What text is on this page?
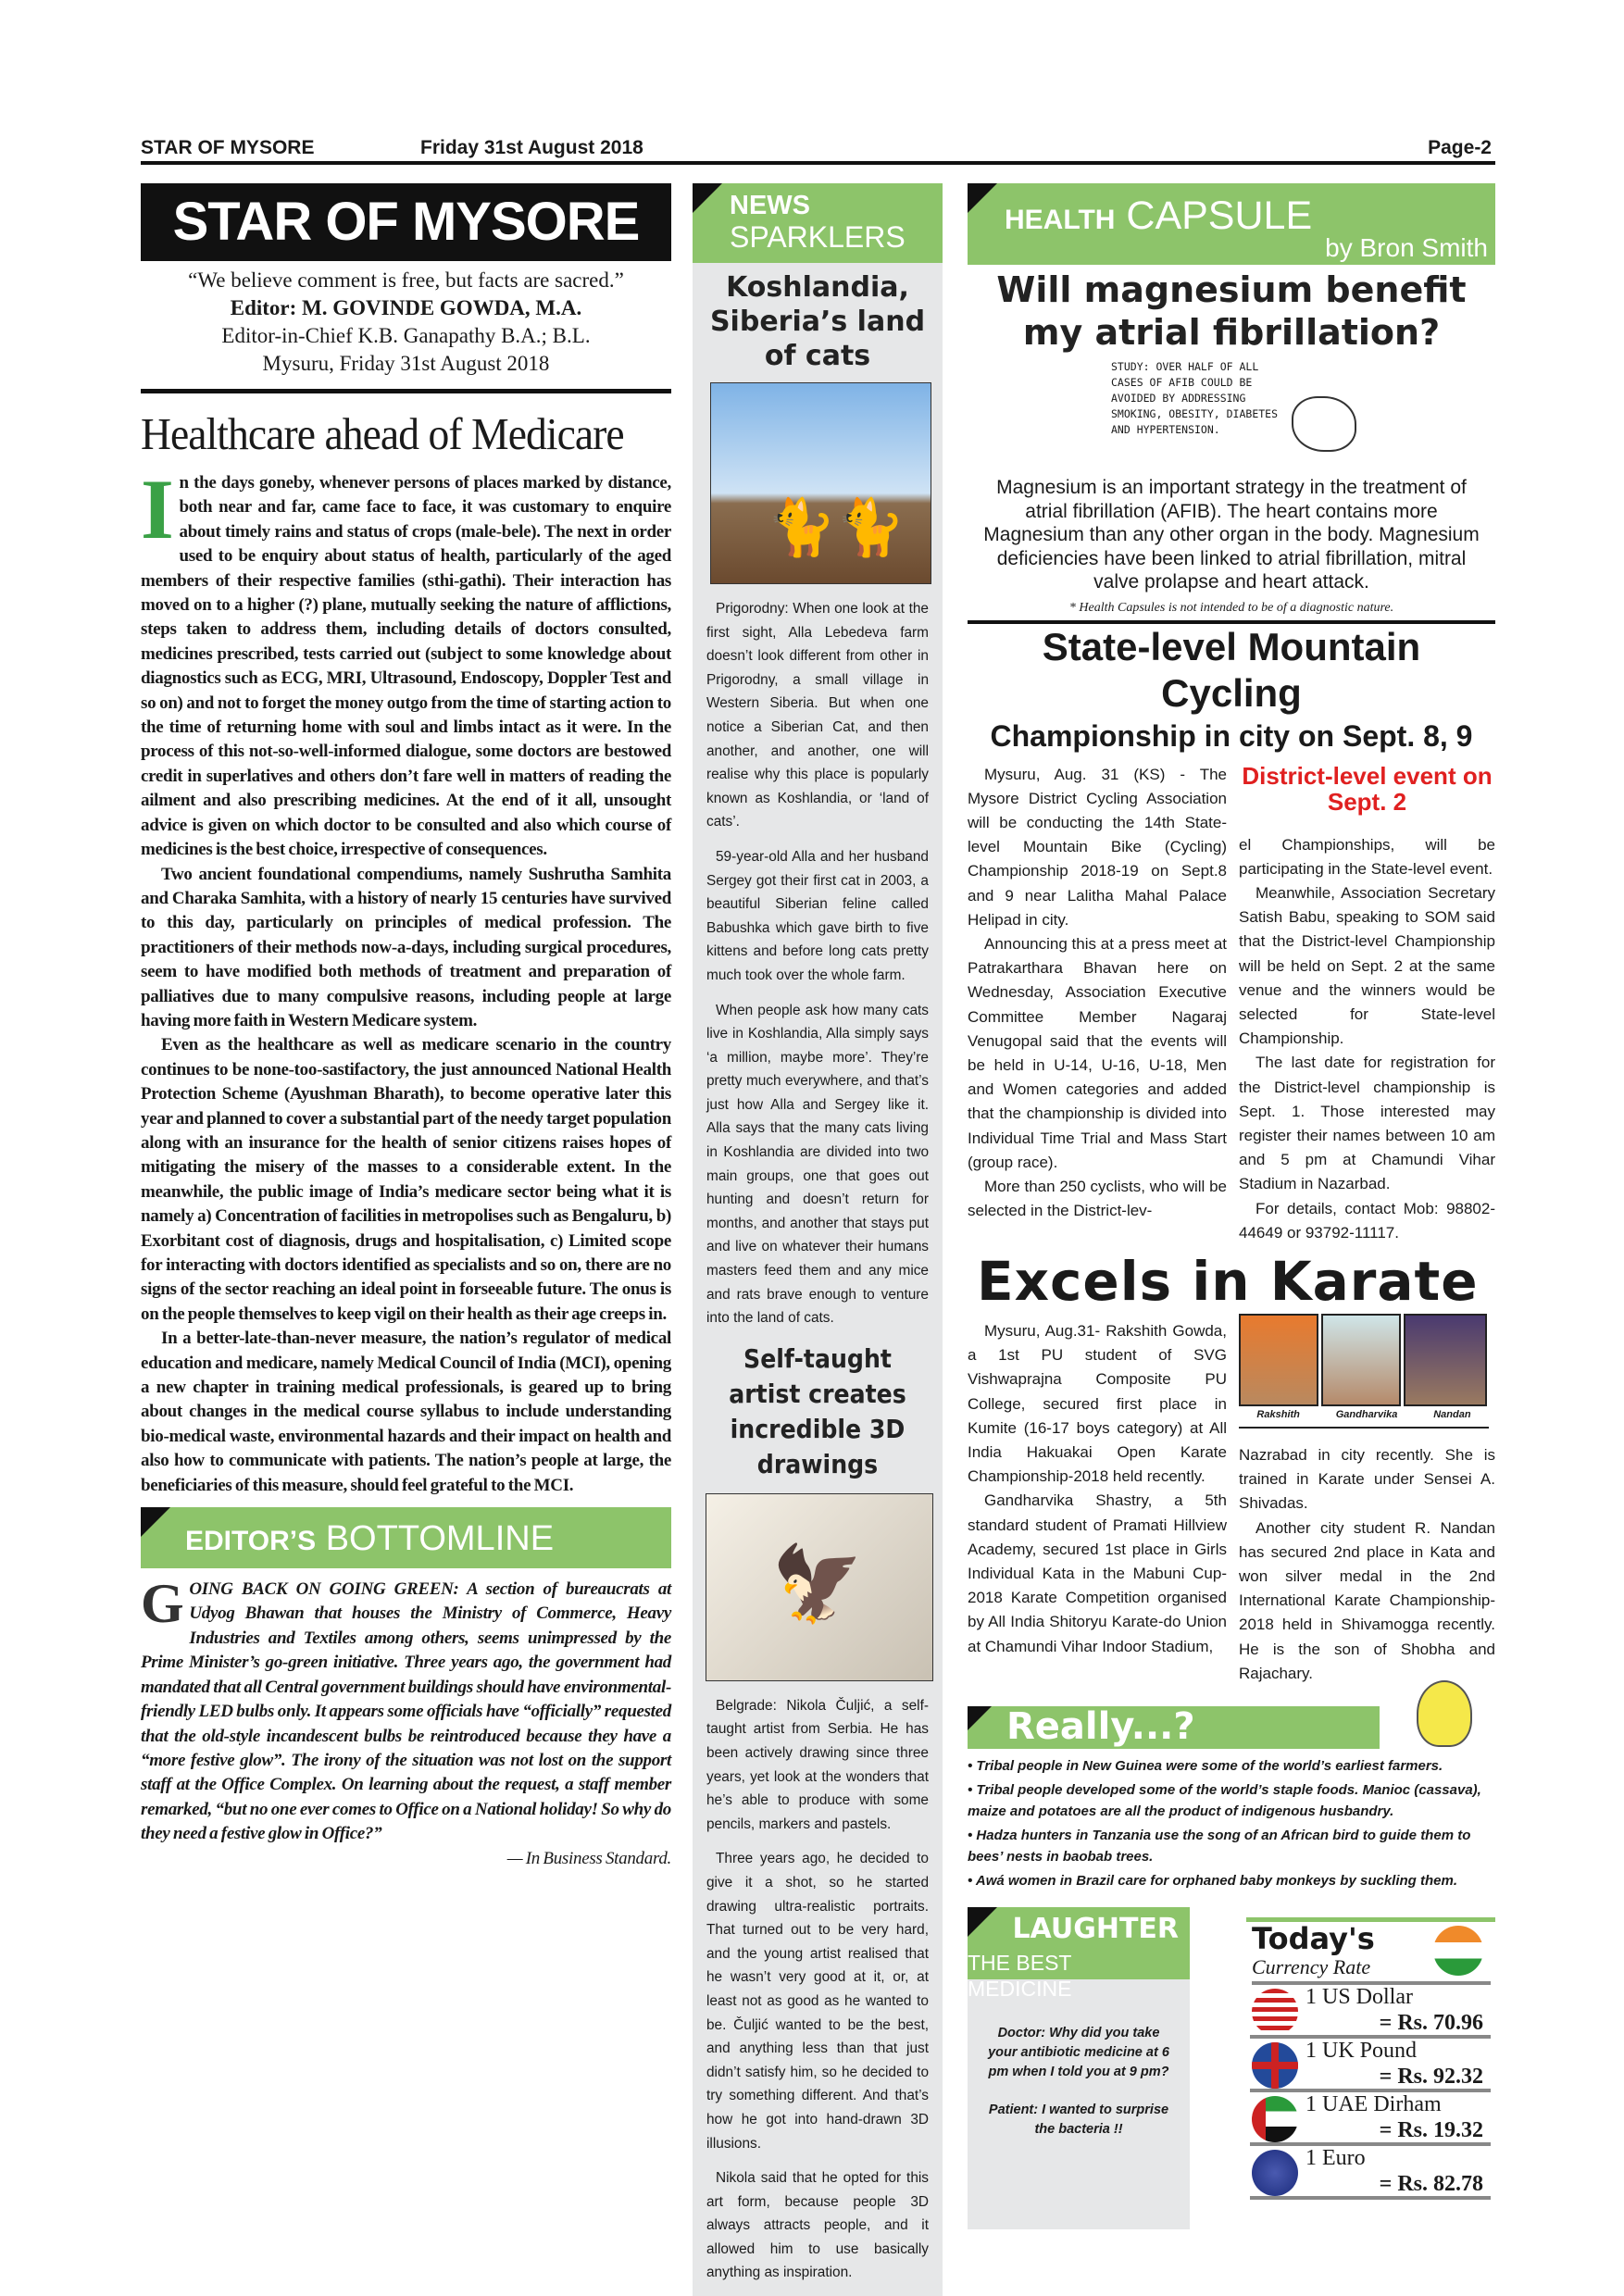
STAR OF MYSORE	Friday 31st August 2018	Page-2
STAR OF MYSORE
“We believe comment is free, but facts are sacred.”
Editor: M. GOVINDE GOWDA, M.A.
Editor-in-Chief K.B. Ganapathy B.A.; B.L.
Mysuru, Friday 31st August 2018
Healthcare ahead of Medicare

In the days goneby, whenever persons of places marked by distance, both near and far, came face to face, it was customary to enquire about timely rains and status of crops (male-bele). The next in order used to be enquiry about status of health, particularly of the aged members of their respective families (sthi-gathi). Their interaction has moved on to a higher (?) plane, mutually seeking the nature of afflictions, steps taken to address them, including details of doctors consulted, medicines prescribed, tests carried out (subject to some knowledge about diagnostics such as ECG, MRI, Ultrasound, Endoscopy, Doppler Test and so on) and not to forget the money outgo from the time of starting action to the time of returning home with soul and limbs intact as it were. In the process of this not-so-well-informed dialogue, some doctors are bestowed credit in superlatives and others don’t fare well in matters of reading the ailment and also prescribing medicines. At the end of it all, unsought advice is given on which doctor to be consulted and also which course of medicines is the best choice, irrespective of consequences.

Two ancient foundational compendiums, namely Sushrutha Samhita and Charaka Samhita, with a history of nearly 15 centuries have survived to this day, particularly on principles of medical profession. The practitioners of their methods now-a-days, including surgical procedures, seem to have modified both methods of treatment and preparation of palliatives due to many compulsive reasons, including people at large having more faith in Western Medicare system.

Even as the healthcare as well as medicare scenario in the country continues to be none-too-sastifactory, the just announced National Health Protection Scheme (Ayushman Bharath), to become operative later this year and planned to cover a substantial part of the needy target population along with an insurance for the health of senior citizens raises hopes of mitigating the misery of the masses to a considerable extent. In the meanwhile, the public image of India’s medicare sector being what it is namely a) Concentration of facilities in metropolises such as Bengaluru, b) Exorbitant cost of diagnosis, drugs and hospitalisation, c) Limited scope for interacting with doctors identified as specialists and so on, there are no signs of the sector reaching an ideal point in forseeable future. The onus is on the people themselves to keep vigil on their health as their age creeps in.

In a better-late-than-never measure, the nation’s regulator of medical education and medicare, namely Medical Council of India (MCI), opening a new chapter in training medical professionals, is geared up to bring about changes in the medical course syllabus to include understanding bio-medical waste, environmental hazards and their impact on health and also how to communicate with patients. The nation’s people at large, the beneficiaries of this measure, should feel grateful to the MCI.

EDITOR’S BOTTOMLINE

GOING BACK ON GOING GREEN: A section of bureaucrats at Udyog Bhawan that houses the Ministry of Commerce, Heavy Industries and Textiles among others, seems unimpressed by the Prime Minister’s go-green initiative. Three years ago, the government had mandated that all Central government buildings should have environmental-friendly LED bulbs only. It appears some officials have “officially” requested that the old-style incandescent bulbs be reintroduced because they have a “more festive glow”. The irony of the situation was not lost on the support staff at the Office Complex. On learning about the request, a staff member remarked, “but no one ever comes to Office on a National holiday! So why do they need a festive glow in Office?”

— In Business Standard.

NEWS
SPARKLERS
Koshlandia, Siberia’s land of cats
🐈🐈

Prigorodny: When one look at the first sight, Alla Lebedeva farm doesn’t look different from other in Prigorodny, a small village in Western Siberia. But when one notice a Siberian Cat, and then another, and another, one will realise why this place is popularly known as Koshlandia, or ‘land of cats’.

59-year-old Alla and her husband Sergey got their first cat in 2003, a beautiful Siberian feline called Babushka which gave birth to five kittens and before long cats pretty much took over the whole farm.

When people ask how many cats live in Koshlandia, Alla simply says ‘a million, maybe more’. They’re pretty much everywhere, and that’s just how Alla and Sergey like it. Alla says that the many cats living in Koshlandia are divided into two main groups, one that goes out hunting and doesn’t return for months, and another that stays put and live on whatever their humans masters feed them and any mice and rats brave enough to venture into the land of cats.

Self-taught artist creates incredible 3D drawings
🦅

Belgrade: Nikola Čuljić, a self-taught artist from Serbia. He has been actively drawing since three years, yet look at the wonders that he’s able to produce with some pencils, markers and pastels.

Three years ago, he decided to give it a shot, so he started drawing ultra-realistic portraits. That turned out to be very hard, and the young artist realised that he wasn’t very good at it, or, at least not as good as he wanted to be. Čuljić wanted to be the best, and anything less than that just didn’t satisfy him, so he decided to try something different. And that’s how he got into hand-drawn 3D illusions.

Nikola said that he opted for this art form, because people 3D always attracts people, and it allowed him to use basically anything as inspiration.

HEALTH CAPSULE
by Bron Smith
Will magnesium benefit my atrial fibrillation?
STUDY: OVER HALF OF ALL CASES OF AFIB COULD BE AVOIDED BY ADDRESSING SMOKING, OBESITY, DIABETES AND HYPERTENSION.
Magnesium is an important strategy in the treatment of atrial fibrillation (AFIB). The heart contains more Magnesium than any other organ in the body. Magnesium deficiencies have been linked to atrial fibrillation, mitral valve prolapse and heart attack.
* Health Capsules is not intended to be of a diagnostic nature.
State-level Mountain Cycling
Championship in city on Sept. 8, 9

Mysuru, Aug. 31 (KS) - The Mysore District Cycling Association will be conducting the 14th State-level Mountain Bike (Cycling) Championship 2018-19 on Sept.8 and 9 near Lalitha Mahal Palace Helipad in city.

Announcing this at a press meet at Patrakarthara Bhavan here on Wednesday, Association Executive Committee Member Nagaraj Venugopal said that the events will be held in U-14, U-16, U-18, Men and Women categories and added that the championship is divided into Individual Time Trial and Mass Start (group race).

More than 250 cyclists, who will be selected in the District-lev-

District-level event on Sept. 2

el Championships, will be participating in the State-level event.

Meanwhile, Association Secretary Satish Babu, speaking to SOM said that the District-level Championship will be held on Sept. 2 at the same venue and the winners would be selected for State-level Championship.

The last date for registration for the District-level championship is Sept. 1. Those interested may register their names between 10 am and 5 pm at Chamundi Vihar Stadium in Nazarbad.

For details, contact Mob: 98802-44649 or 93792-11117.

Excels in Karate

Mysuru, Aug.31- Rakshith Gowda, a 1st PU student of SVG Vishwaprajna Composite PU College, secured first place in Kumite (16-17 boys category) at All India Hakuakai Open Karate Championship-2018 held recently.

Gandharvika Shastry, a 5th standard student of Pramati Hillview Academy, secured 1st place in Girls Individual Kata in the Mabuni Cup-2018 Karate Competition organised by All India Shitoryu Karate-do Union at Chamundi Vihar Indoor Stadium,

Rakshith	Gandharvika	Nandan

Nazrabad in city recently. She is trained in Karate under Sensei A. Shivadas.

Another city student R. Nandan has secured 2nd place in Kata and won silver medal in the 2nd International Karate Championship-2018 held in Shivamogga recently. He is the son of Shobha and Rajachary.

Really...?
• Tribal people in New Guinea were some of the world’s earliest farmers.
• Tribal people developed some of the world’s staple foods. Manioc (cassava), maize and potatoes are all the product of indigenous husbandry.
• Hadza hunters in Tanzania use the song of an African bird to guide them to bees’ nests in baobab trees.
• Awá women in Brazil care for orphaned baby monkeys by suckling them.
LAUGHTER
THE BEST MEDICINE

Doctor: Why did you take your antibiotic medicine at 6 pm when I told you at 9 pm?

Patient: I wanted to surprise the bacteria !!

Today's
Currency Rate
1 US Dollar
= Rs. 70.96
1 UK Pound
= Rs. 92.32
1 UAE Dirham
= Rs. 19.32
1 Euro
= Rs. 82.78
